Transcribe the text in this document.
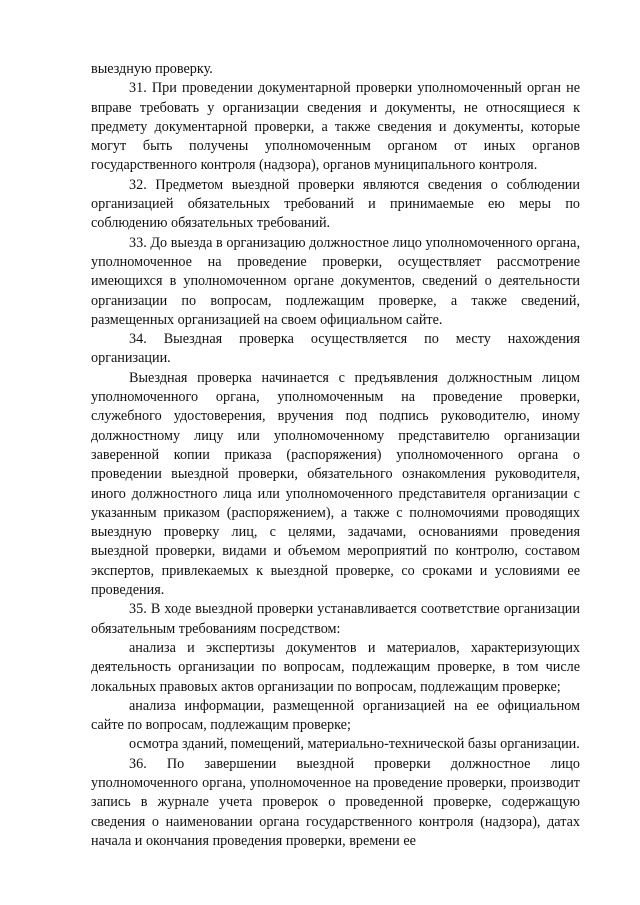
выездную проверку.

31. При проведении документарной проверки уполномоченный орган не вправе требовать у организации сведения и документы, не относящиеся к предмету документарной проверки, а также сведения и документы, которые могут быть получены уполномоченным органом от иных органов государственного контроля (надзора), органов муниципального контроля.

32. Предметом выездной проверки являются сведения о соблюдении организацией обязательных требований и принимаемые ею меры по соблюдению обязательных требований.

33. До выезда в организацию должностное лицо уполномоченного органа, уполномоченное на проведение проверки, осуществляет рассмотрение имеющихся в уполномоченном органе документов, сведений о деятельности организации по вопросам, подлежащим проверке, а также сведений, размещенных организацией на своем официальном сайте.

34. Выездная проверка осуществляется по месту нахождения организации.

Выездная проверка начинается с предъявления должностным лицом уполномоченного органа, уполномоченным на проведение проверки, служебного удостоверения, вручения под подпись руководителю, иному должностному лицу или уполномоченному представителю организации заверенной копии приказа (распоряжения) уполномоченного органа о проведении выездной проверки, обязательного ознакомления руководителя, иного должностного лица или уполномоченного представителя организации с указанным приказом (распоряжением), а также с полномочиями проводящих выездную проверку лиц, с целями, задачами, основаниями проведения выездной проверки, видами и объемом мероприятий по контролю, составом экспертов, привлекаемых к выездной проверке, со сроками и условиями ее проведения.

35. В ходе выездной проверки устанавливается соответствие организации обязательным требованиям посредством:

анализа и экспертизы документов и материалов, характеризующих деятельность организации по вопросам, подлежащим проверке, в том числе локальных правовых актов организации по вопросам, подлежащим проверке;

анализа информации, размещенной организацией на ее официальном сайте по вопросам, подлежащим проверке;

осмотра зданий, помещений, материально-технической базы организации.

36. По завершении выездной проверки должностное лицо уполномоченного органа, уполномоченное на проведение проверки, производит запись в журнале учета проверок о проведенной проверке, содержащую сведения о наименовании органа государственного контроля (надзора), датах начала и окончания проведения проверки, времени ее
